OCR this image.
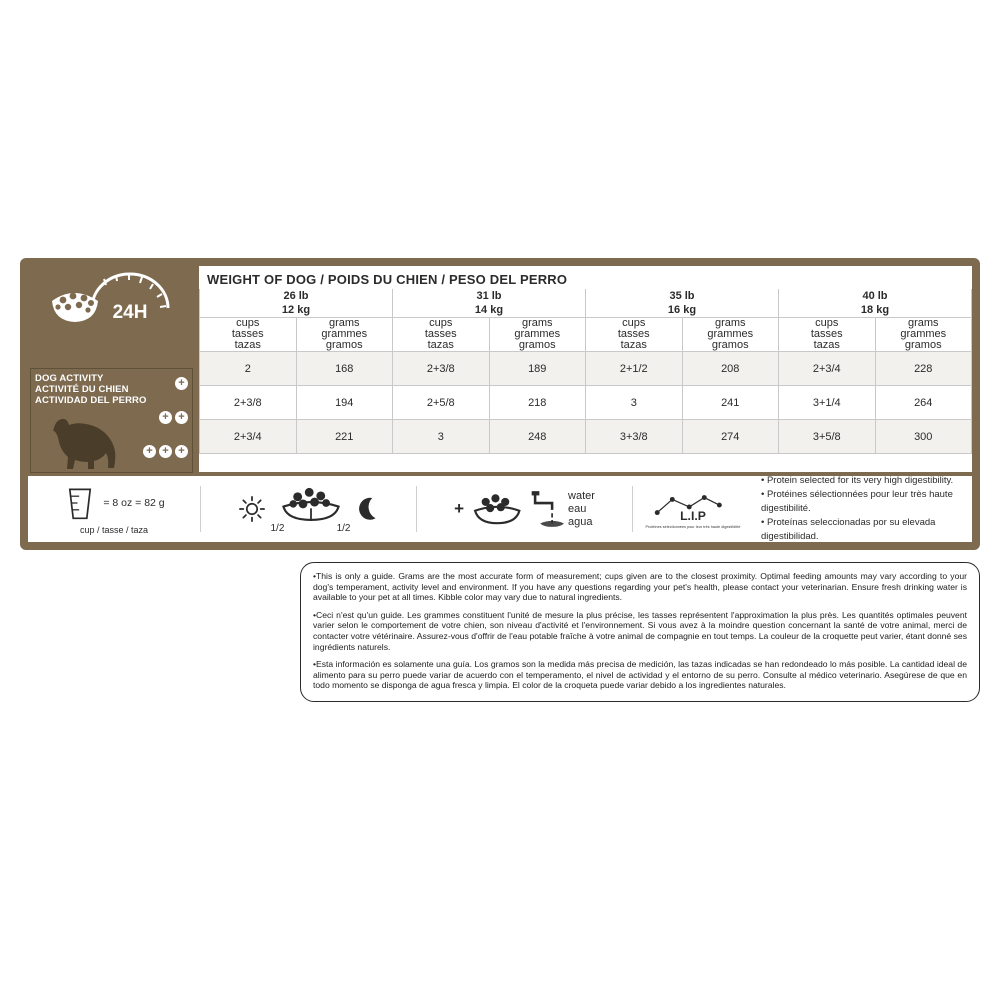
24H
DOG ACTIVITY
ACTIVITÉ DU CHIEN
ACTIVIDAD DEL PERRO
+
+ +
+ + +
WEIGHT OF DOG / POIDS DU CHIEN / PESO DEL PERRO
26 lb
12 kg

31 lb
14 kg

35 lb
16 kg

40 lb
18 kg

cups
tasses
tazas

grams
grammes
gramos

cups
tasses
tazas

grams
grammes
gramos

cups
tasses
tazas

grams
grammes
gramos

cups
tasses
tazas

grams
grammes
gramos

2	168	2+3/8	189	2+1/2	208	2+3/4	228
2+3/8	194	2+5/8	218	3	241	3+1/4	264
2+3/4	221	3	248	3+3/8	274	3+5/8	300
= 8 oz = 82 g
cup / tasse / taza	1/2	1/2
+
water
eau
agua	L.I.P
Protéines sélectionnées pour leur très haute digestibilité
• Protein selected for its very high digestibility.
• Protéines sélectionnées pour leur très haute digestibilité.
• Proteínas seleccionadas por su elevada digestibilidad.

•This is only a guide. Grams are the most accurate form of measurement; cups given are to the closest proximity. Optimal feeding amounts may vary according to your dog's temperament, activity level and environment. If you have any questions regarding your pet's health, please contact your veterinarian. Ensure fresh drinking water is available to your pet at all times. Kibble color may vary due to natural ingredients.

•Ceci n'est qu'un guide. Les grammes constituent l'unité de mesure la plus précise, les tasses représentent l'approximation la plus près. Les quantités optimales peuvent varier selon le comportement de votre chien, son niveau d'activité et l'environnement. Si vous avez à la moindre question concernant la santé de votre animal, merci de contacter votre vétérinaire. Assurez-vous d'offrir de l'eau potable fraîche à votre animal de compagnie en tout temps. La couleur de la croquette peut varier, étant donné ses ingrédients naturels.

•Esta información es solamente una guía. Los gramos son la medida más precisa de medición, las tazas indicadas se han redondeado lo más posible. La cantidad ideal de alimento para su perro puede variar de acuerdo con el temperamento, el nivel de actividad y el entorno de su perro. Consulte al médico veterinario. Asegúrese de que en todo momento se disponga de agua fresca y limpia. El color de la croqueta puede variar debido a los ingredientes naturales.
